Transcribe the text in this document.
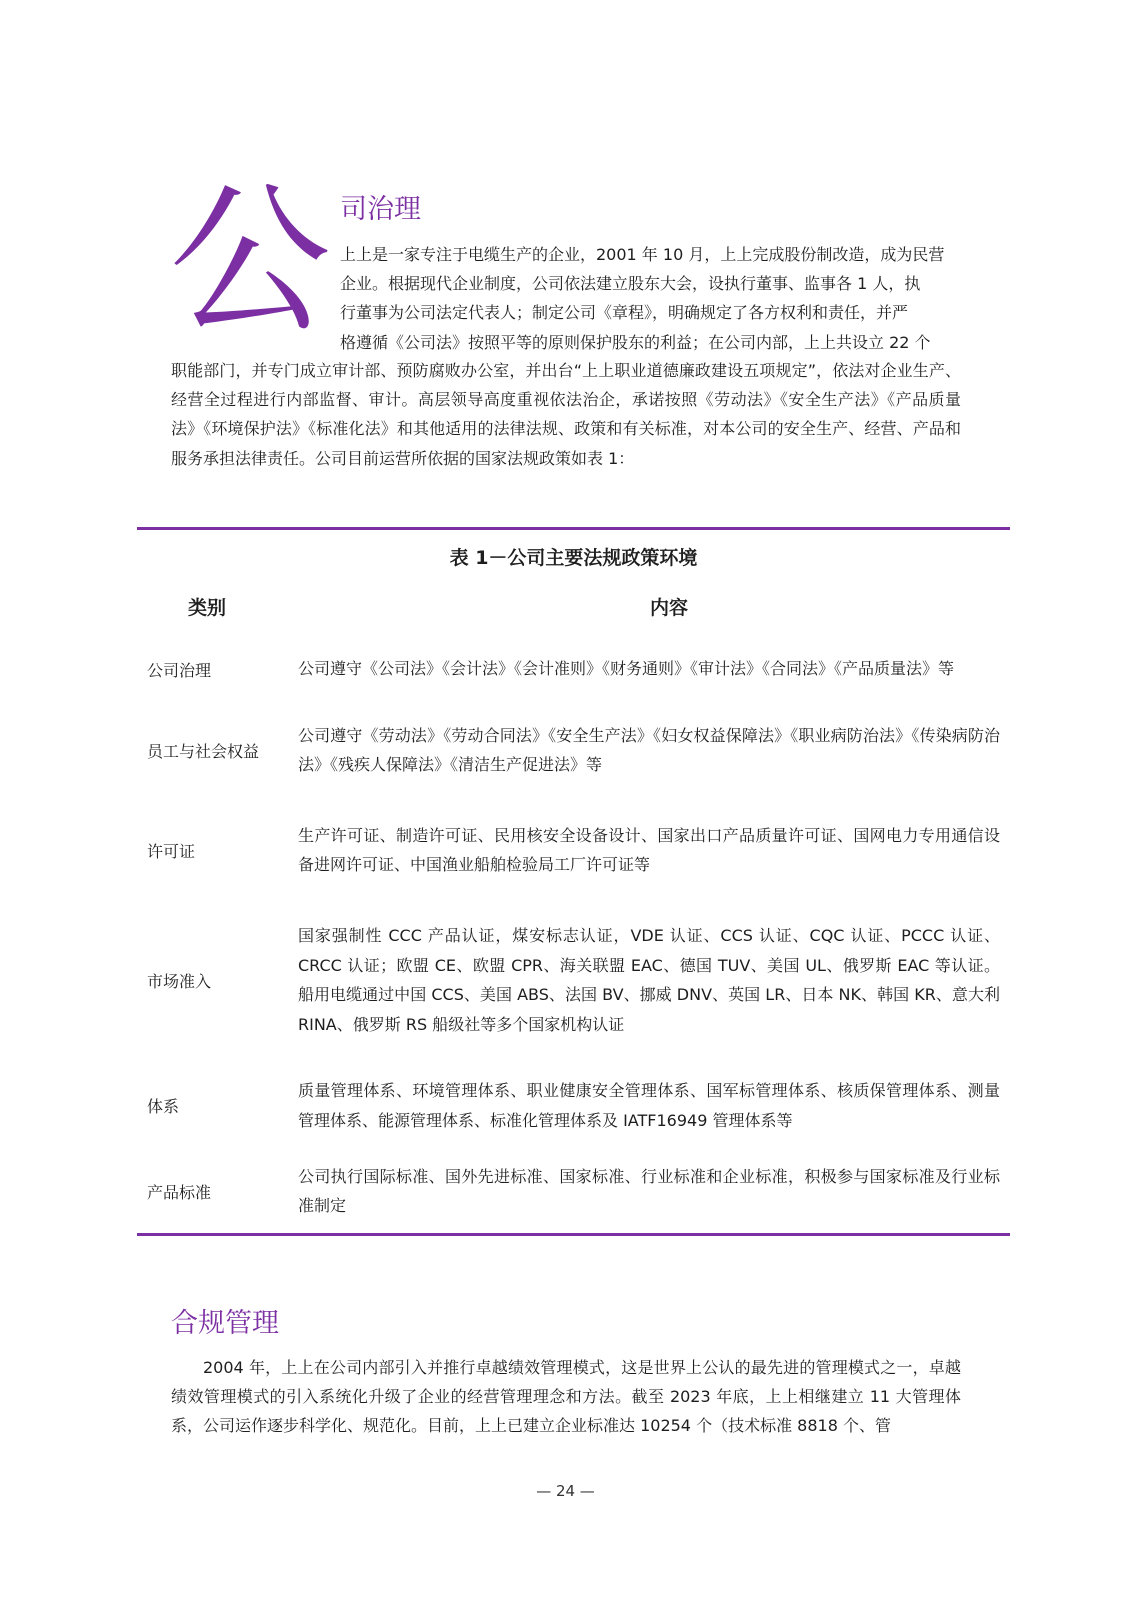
公 司治理

上上是一家专注于电缆生产的企业，2001 年 10 月，上上完成股份制改造，成为民营

企业。根据现代企业制度，公司依法建立股东大会，设执行董事、监事各 1 人，执

行董事为公司法定代表人；制定公司《章程》，明确规定了各方权利和责任，并严

格遵循《公司法》按照平等的原则保护股东的利益；在公司内部，上上共设立 22 个

职能部门，并专门成立审计部、预防腐败办公室，并出台“上上职业道德廉政建设五项规定”，依法对企业生产、经营全过程进行内部监督、审计。高层领导高度重视依法治企，承诺按照《劳动法》《安全生产法》《产品质量法》《环境保护法》《标准化法》和其他适用的法律法规、政策和有关标准，对本公司的安全生产、经营、产品和服务承担法律责任。公司目前运营所依据的国家法规政策如表 1：

表 1－公司主要法规政策环境
类别	内容
公司治理	公司遵守《公司法》《会计法》《会计准则》《财务通则》《审计法》《合同法》《产品质量法》等
员工与社会权益
公司遵守《劳动法》《劳动合同法》《安全生产法》《妇女权益保障法》《职业病防治法》《传染病防治法》《残疾人保障法》《清洁生产促进法》等
许可证
生产许可证、制造许可证、民用核安全设备设计、国家出口产品质量许可证、国网电力专用通信设备进网许可证、中国渔业船舶检验局工厂许可证等
市场准入
国家强制性 CCC 产品认证，煤安标志认证，VDE 认证、CCS 认证、CQC 认证、PCCC 认证、CRCC 认证；欧盟 CE、欧盟 CPR、海关联盟 EAC、德国 TUV、美国 UL、俄罗斯 EAC 等认证。船用电缆通过中国 CCS、美国 ABS、法国 BV、挪威 DNV、英国 LR、日本 NK、韩国 KR、意大利 RINA、俄罗斯 RS 船级社等多个国家机构认证
体系
质量管理体系、环境管理体系、职业健康安全管理体系、国军标管理体系、核质保管理体系、测量管理体系、能源管理体系、标准化管理体系及 IATF16949 管理体系等
产品标准
公司执行国际标准、国外先进标准、国家标准、行业标准和企业标准，积极参与国家标准及行业标准制定
合规管理

2004 年，上上在公司内部引入并推行卓越绩效管理模式，这是世界上公认的最先进的管理模式之一，卓越绩效管理模式的引入系统化升级了企业的经营管理理念和方法。截至 2023 年底，上上相继建立 11 大管理体系，公司运作逐步科学化、规范化。目前，上上已建立企业标准达 10254 个（技术标准 8818 个、管

— 24 —
